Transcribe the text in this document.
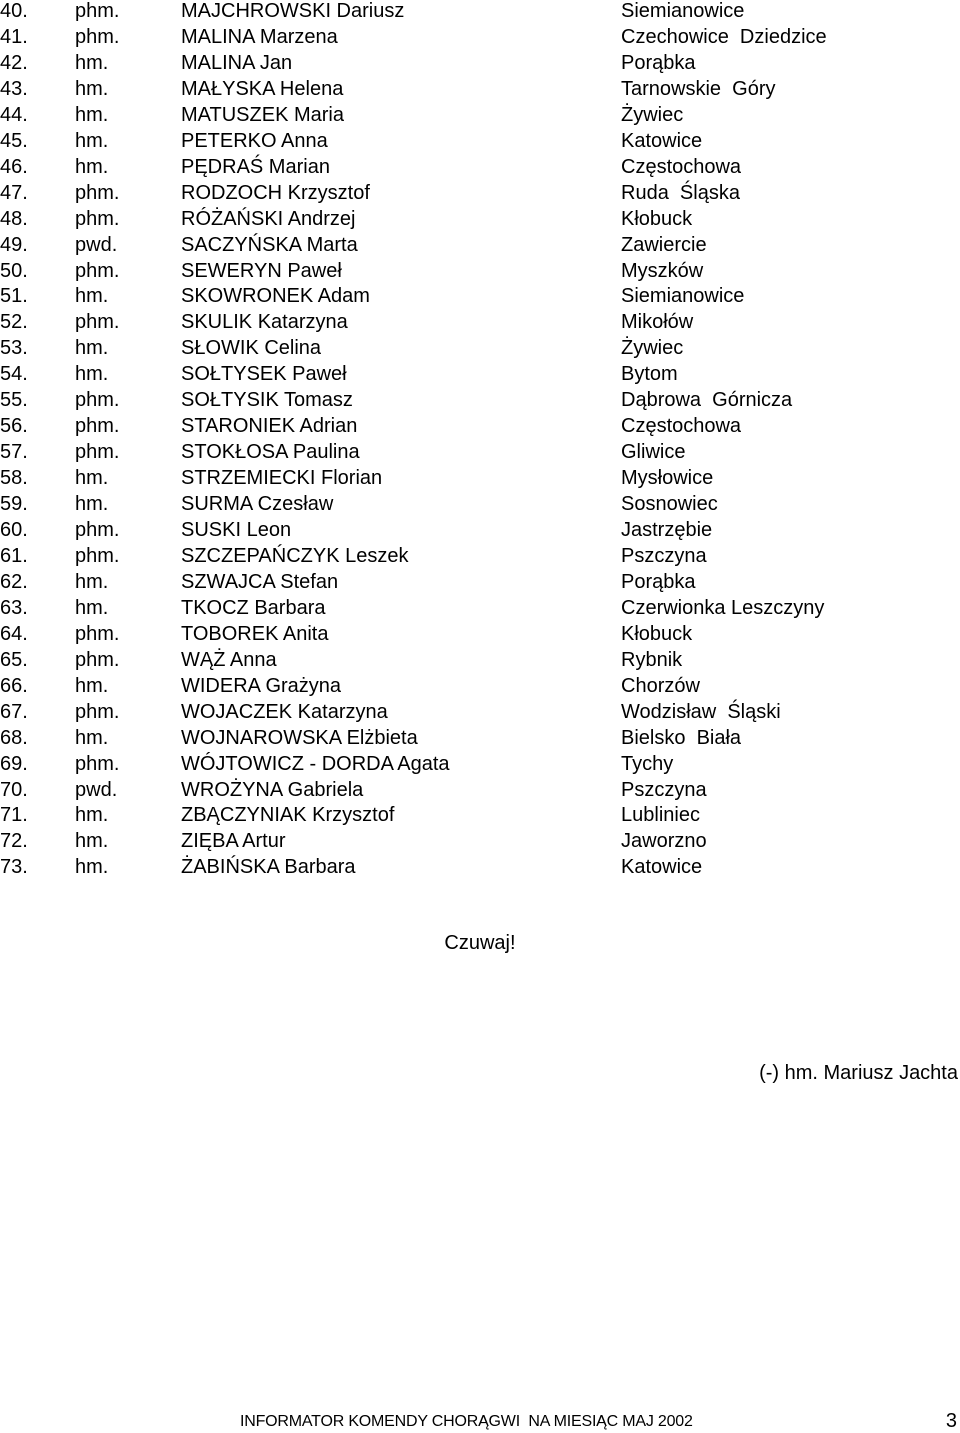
40. phm.	MAJCHROWSKI Dariusz	Siemianowice
41. phm.	MALINA Marzena	Czechowice  Dziedzice
42. hm.	MALINA Jan	Porąbka
43. hm.	MAŁYSKA Helena	Tarnowskie  Góry
44. hm.	MATUSZEK Maria	Żywiec
45. hm.	PETERKO Anna	Katowice
46. hm.	PĘDRAŚ Marian	Częstochowa
47. phm.	RODZOCH Krzysztof	Ruda  Śląska
48. phm.	RÓŻAŃSKI Andrzej	Kłobuck
49. pwd.	SACZYŃSKA Marta	Zawiercie
50. phm.	SEWERYN Paweł	Myszków
51. hm.	SKOWRONEK Adam	Siemianowice
52. phm.	SKULIK Katarzyna	Mikołów
53. hm.	SŁOWIK Celina	Żywiec
54. hm.	SOŁTYSEK Paweł	Bytom
55. phm.	SOŁTYSIK Tomasz	Dąbrowa  Górnicza
56. phm.	STARONIEK Adrian	Częstochowa
57. phm.	STOKŁOSA Paulina	Gliwice
58. hm.	STRZEMIECKI Florian	Mysłowice
59. hm.	SURMA Czesław	Sosnowiec
60. phm.	SUSKI Leon	Jastrzębie
61. phm.	SZCZEPAŃCZYK Leszek	Pszczyna
62. hm.	SZWAJCA Stefan	Porąbka
63. hm.	TKOCZ Barbara	Czerwionka Leszczyny
64. phm.	TOBOREK Anita	Kłobuck
65. phm.	WĄŻ Anna	Rybnik
66. hm.	WIDERA Grażyna	Chorzów
67. phm.	WOJACZEK Katarzyna	Wodzisław  Śląski
68. hm.	WOJNAROWSKA Elżbieta	Bielsko  Biała
69. phm.	WÓJTOWICZ - DORDA Agata	Tychy
70. pwd.	WROŻYNA Gabriela	Pszczyna
71. hm.	ZBĄCZYNIAK Krzysztof	Lubliniec
72. hm.	ZIĘBA Artur	Jaworzno
73. hm.	ŻABIŃSKA Barbara	Katowice
Czuwaj!
(-) hm. Mariusz Jachta
INFORMATOR KOMENDY CHORĄGWI  NA MIESIĄC MAJ 2002	3
